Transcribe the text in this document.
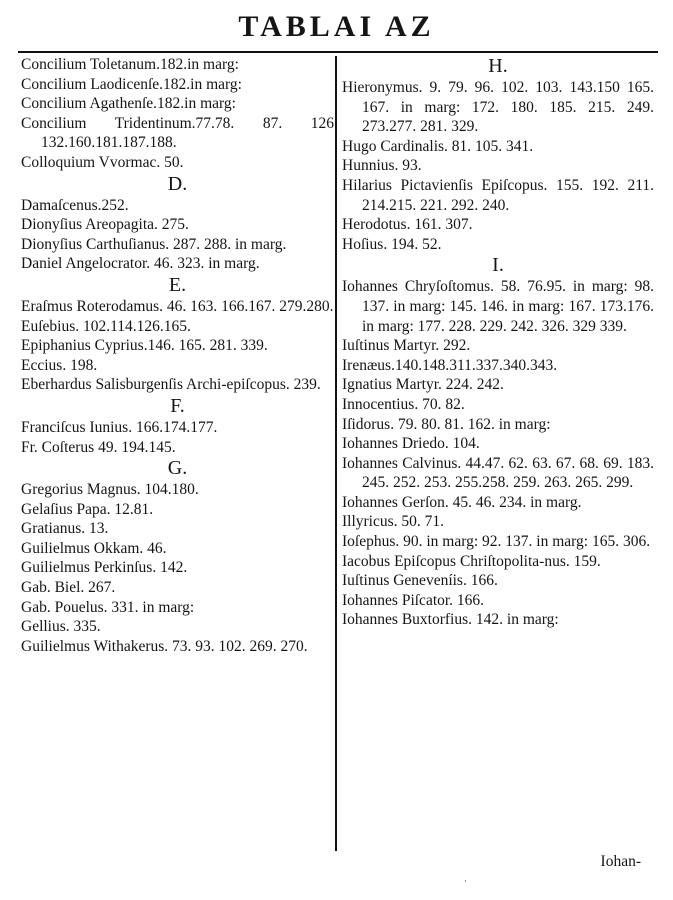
TABLAI AZ
Concilium Toletanum.182.in marg:
Concilium Laodicenſe.182.in marg:
Concilium Agathenſe.182.in marg:
Concilium Tridentinum.77.78. 87. 126 132.160.181.187.188.
Colloquium Vvormac. 50.
D.
Damaſcenus.252.
Dionyſius Areopagita. 275.
Dionyſius Carthuſianus. 287. 288. in marg.
Daniel Angelocrator. 46. 323. in marg.
E.
Eraſmus Roterodamus. 46. 163. 166.167. 279.280.
Euſebius. 102.114.126.165.
Epiphanius Cyprius.146. 165. 281. 339.
Eccius. 198.
Eberhardus Salisburgenſis Archi-epiſcopus. 239.
F.
Franciſcus Iunius. 166.174.177.
Fr. Coſterus 49. 194.145.
G.
Gregorius Magnus. 104.180.
Gelaſius Papa. 12.81.
Gratianus. 13.
Guilielmus Okkam. 46.
Guilielmus Perkinſus. 142.
Gab. Biel. 267.
Gab. Pouelus. 331. in marg:
Gellius. 335.
Guilielmus Withakerus. 73. 93. 102. 269. 270.
H.
Hieronymus. 9. 79. 96. 102. 103. 143.150 165. 167. in marg: 172. 180. 185. 215. 249. 273.277. 281. 329.
Hugo Cardinalis. 81. 105. 341.
Hunnius. 93.
Hilarius Pictavienſis Epiſcopus. 155. 192. 211. 214.215. 221. 292. 240.
Herodotus. 161. 307.
Hoſius. 194. 52.
I.
Iohannes Chryſoſtomus. 58. 76.95. in marg: 98. 137. in marg: 145. 146. in marg: 167. 173.176. in marg: 177. 228. 229. 242. 326. 329 339.
Iuſtinus Martyr. 292.
Irenæus.140.148.311.337.340.343.
Ignatius Martyr. 224. 242.
Innocentius. 70. 82.
Iſidorus. 79. 80. 81. 162. in marg:
Iohannes Driedo. 104.
Iohannes Calvinus. 44.47. 62. 63. 67. 68. 69. 183. 245. 252. 253. 255.258. 259. 263. 265. 299.
Iohannes Gerſon. 45. 46. 234. in marg.
Illyricus. 50. 71.
Ioſephus. 90. in marg: 92. 137. in marg: 165. 306.
Iacobus Epiſcopus Chriſtopolita-nus. 159.
Iuſtinus Geneveníis. 166.
Iohannes Piſcator. 166.
Iohannes Buxtorfius. 142. in marg:
Iohan-
·
